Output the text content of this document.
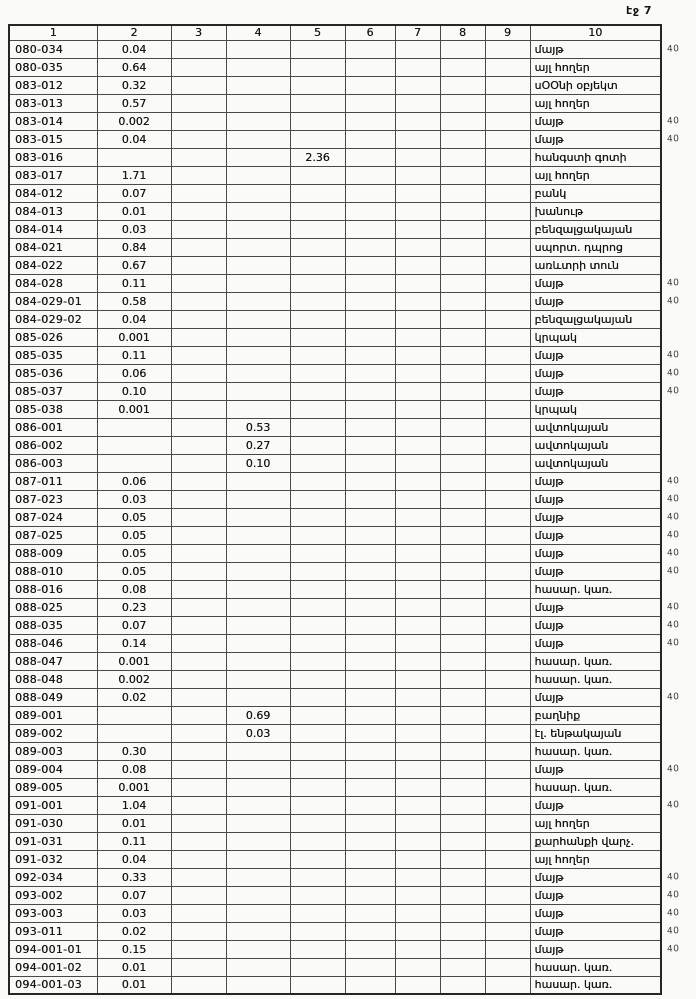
էջ 7
1	2	3	4	5	6	7	8	9	10
080-034	0.04								մայթ
080-035	0.64								այլ հողեր
083-012	0.32								սՕՕնի օբյեկտ
083-013	0.57								այլ հողեր
083-014	0.002								մայթ
083-015	0.04								մայթ
083-016				2.36					հանգստի գոտի
083-017	1.71								այլ հողեր
084-012	0.07								բանկ
084-013	0.01								խանութ
084-014	0.03								բենզալցակայան
084-021	0.84								սպորտ. դպրոց
084-022	0.67								առևտրի տուն
084-028	0.11								մայթ
084-029-01	0.58								մայթ
084-029-02	0.04								բենզալցակայան
085-026	0.001								կրպակ
085-035	0.11								մայթ
085-036	0.06								մայթ
085-037	0.10								մայթ
085-038	0.001								կրպակ
086-001			0.53						ավտոկայան
086-002			0.27						ավտոկայան
086-003			0.10						ավտոկայան
087-011	0.06								մայթ
087-023	0.03								մայթ
087-024	0.05								մայթ
087-025	0.05								մայթ
088-009	0.05								մայթ
088-010	0.05								մայթ
088-016	0.08								հասար. կառ.
088-025	0.23								մայթ
088-035	0.07								մայթ
088-046	0.14								մայթ
088-047	0.001								հասար. կառ.
088-048	0.002								հասար. կառ.
088-049	0.02								մայթ
089-001			0.69						բաղնիք
089-002			0.03						էլ. ենթակայան
089-003	0.30								հասար. կառ.
089-004	0.08								մայթ
089-005	0.001								հասար. կառ.
091-001	1.04								մայթ
091-030	0.01								այլ հողեր
091-031	0.11								քարհանքի վարչ.
091-032	0.04								այլ հողեր
092-034	0.33								մայթ
093-002	0.07								մայթ
093-003	0.03								մայթ
093-011	0.02								մայթ
094-001-01	0.15								մայթ
094-001-02	0.01								հասար. կառ.
094-001-03	0.01								հասար. կառ.
40
40
40
40
40
40
40
40
40
40
40
40
40
40
40
40
40
40
40
40
40
40
40
40
40
